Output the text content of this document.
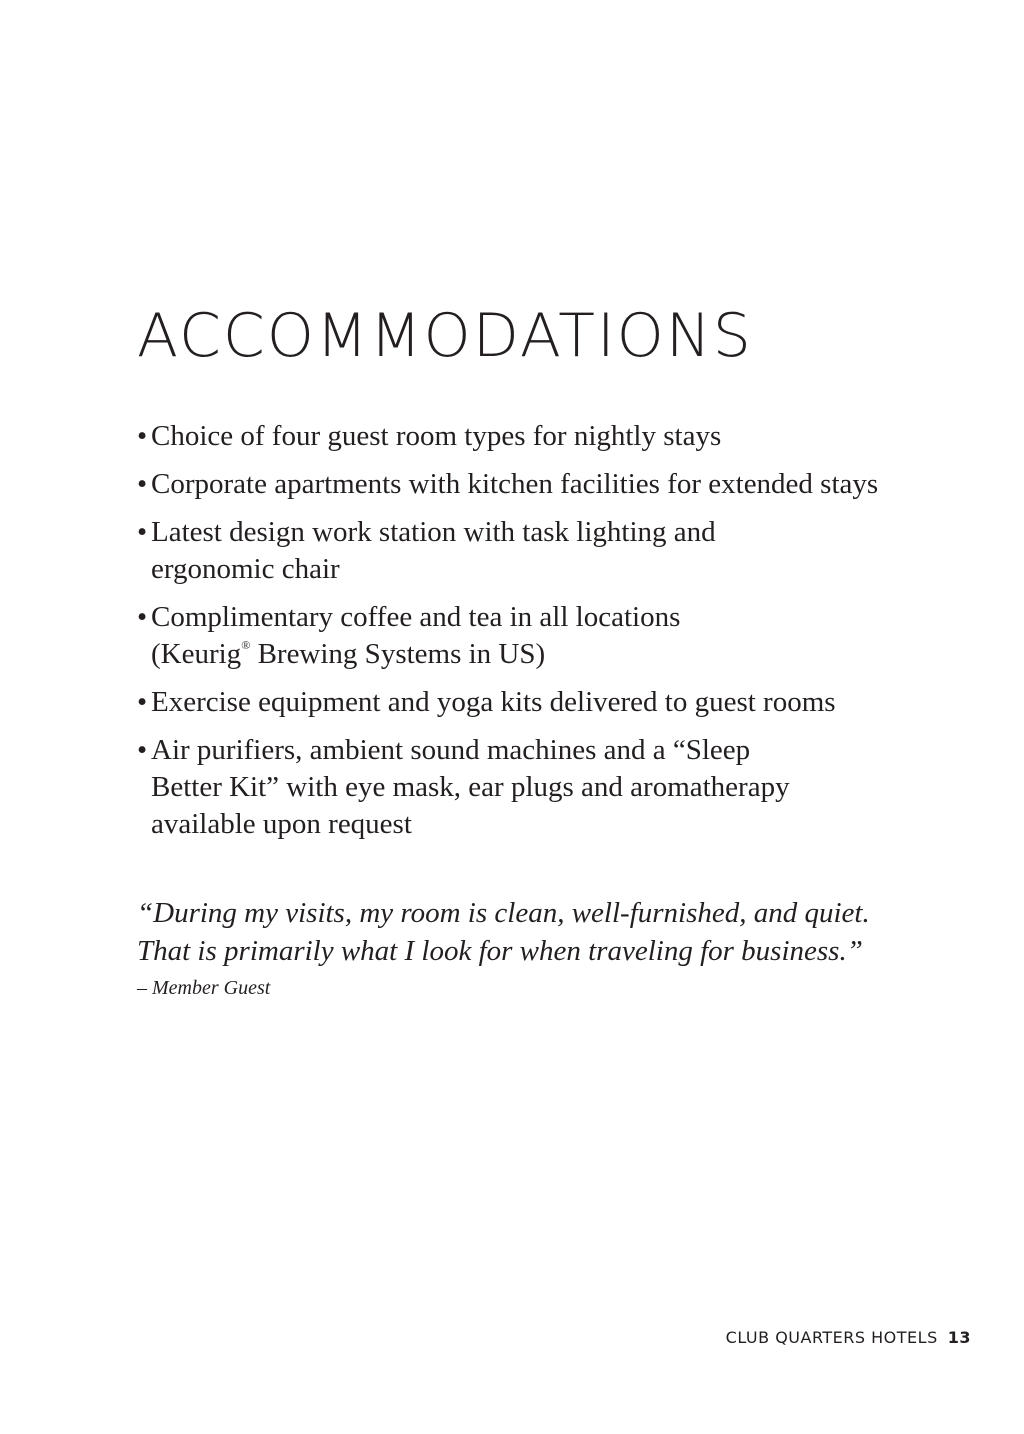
ACCOMMODATIONS
• Choice of four guest room types for nightly stays
• Corporate apartments with kitchen facilities for extended stays
• Latest design work station with task lighting and
ergonomic chair
• Complimentary coffee and tea in all locations
(Keurig® Brewing Systems in US)
• Exercise equipment and yoga kits delivered to guest rooms
• Air purifiers, ambient sound machines and a “Sleep
Better Kit” with eye mask, ear plugs and aromatherapy
available upon request
“During my visits, my room is clean, well-furnished, and quiet.
That is primarily what I look for when traveling for business.”
– Member Guest
CLUB QUARTERS HOTELS 13
